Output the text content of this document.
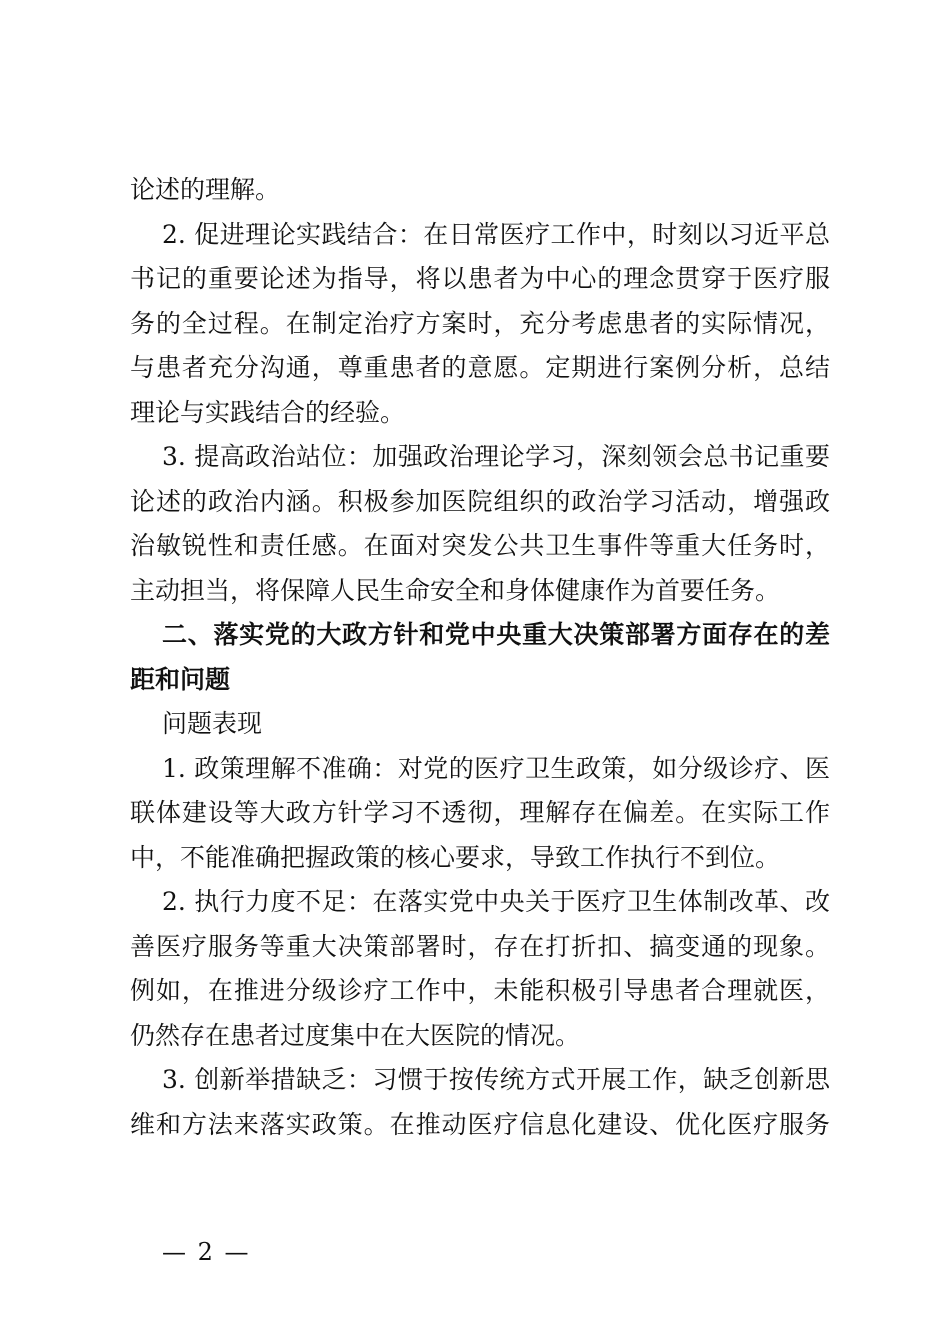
论述的理解。
2. 促进理论实践结合：在日常医疗工作中，时刻以习近平总
书记的重要论述为指导，将以患者为中心的理念贯穿于医疗服
务的全过程。在制定治疗方案时，充分考虑患者的实际情况，
与患者充分沟通，尊重患者的意愿。定期进行案例分析，总结
理论与实践结合的经验。
3. 提高政治站位：加强政治理论学习，深刻领会总书记重要
论述的政治内涵。积极参加医院组织的政治学习活动，增强政
治敏锐性和责任感。在面对突发公共卫生事件等重大任务时，
主动担当，将保障人民生命安全和身体健康作为首要任务。
二、落实党的大政方针和党中央重大决策部署方面存在的差
距和问题
问题表现
1. 政策理解不准确：对党的医疗卫生政策，如分级诊疗、医
联体建设等大政方针学习不透彻，理解存在偏差。在实际工作
中，不能准确把握政策的核心要求，导致工作执行不到位。
2. 执行力度不足：在落实党中央关于医疗卫生体制改革、改
善医疗服务等重大决策部署时，存在打折扣、搞变通的现象。
例如，在推进分级诊疗工作中，未能积极引导患者合理就医，
仍然存在患者过度集中在大医院的情况。
3. 创新举措缺乏：习惯于按传统方式开展工作，缺乏创新思
维和方法来落实政策。在推动医疗信息化建设、优化医疗服务
— 2 —
